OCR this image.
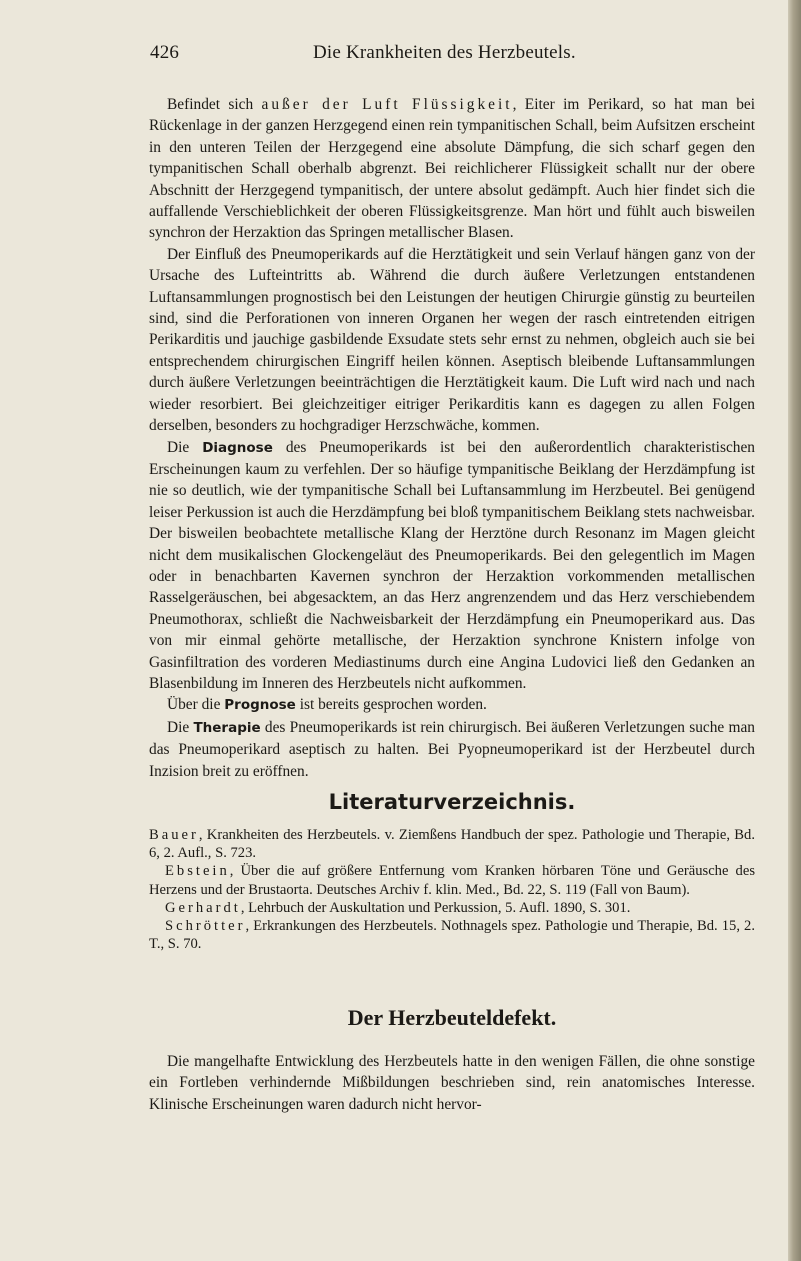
426	Die Krankheiten des Herzbeutels.

Befindet sich außer der Luft Flüssigkeit, Eiter im Perikard, so hat man bei Rückenlage in der ganzen Herzgegend einen rein tympanitischen Schall, beim Aufsitzen erscheint in den unteren Teilen der Herzgegend eine absolute Dämpfung, die sich scharf gegen den tympanitischen Schall oberhalb abgrenzt. Bei reichlicherer Flüssigkeit schallt nur der obere Abschnitt der Herzgegend tympanitisch, der untere absolut gedämpft. Auch hier findet sich die auffallende Verschieblichkeit der oberen Flüssigkeitsgrenze. Man hört und fühlt auch bisweilen synchron der Herzaktion das Springen metallischer Blasen.

Der Einfluß des Pneumoperikards auf die Herztätigkeit und sein Verlauf hängen ganz von der Ursache des Lufteintritts ab. Während die durch äußere Verletzungen entstandenen Luftansammlungen prognostisch bei den Leistungen der heutigen Chirurgie günstig zu beurteilen sind, sind die Perforationen von inneren Organen her wegen der rasch eintretenden eitrigen Perikarditis und jauchige gasbildende Exsudate stets sehr ernst zu nehmen, obgleich auch sie bei entsprechendem chirurgischen Eingriff heilen können. Aseptisch bleibende Luftansammlungen durch äußere Verletzungen beeinträchtigen die Herztätigkeit kaum. Die Luft wird nach und nach wieder resorbiert. Bei gleichzeitiger eitriger Perikarditis kann es dagegen zu allen Folgen derselben, besonders zu hochgradiger Herzschwäche, kommen.

Die Diagnose des Pneumoperikards ist bei den außerordentlich charakteristischen Erscheinungen kaum zu verfehlen. Der so häufige tympanitische Beiklang der Herzdämpfung ist nie so deutlich, wie der tympanitische Schall bei Luftansammlung im Herzbeutel. Bei genügend leiser Perkussion ist auch die Herzdämpfung bei bloß tympanitischem Beiklang stets nachweisbar. Der bisweilen beobachtete metallische Klang der Herztöne durch Resonanz im Magen gleicht nicht dem musikalischen Glockengeläut des Pneumoperikards. Bei den gelegentlich im Magen oder in benachbarten Kavernen synchron der Herzaktion vorkommenden metallischen Rasselgeräuschen, bei abgesacktem, an das Herz angrenzendem und das Herz verschiebendem Pneumothorax, schließt die Nachweisbarkeit der Herzdämpfung ein Pneumoperikard aus. Das von mir einmal gehörte metallische, der Herzaktion synchrone Knistern infolge von Gasinfiltration des vorderen Mediastinums durch eine Angina Ludovici ließ den Gedanken an Blasenbildung im Inneren des Herzbeutels nicht aufkommen.

Über die Prognose ist bereits gesprochen worden.

Die Therapie des Pneumoperikards ist rein chirurgisch. Bei äußeren Verletzungen suche man das Pneumoperikard aseptisch zu halten. Bei Pyopneumoperikard ist der Herzbeutel durch Inzision breit zu eröffnen.

Literaturverzeichnis.

Bauer, Krankheiten des Herzbeutels. v. Ziemßens Handbuch der spez. Pathologie und Therapie, Bd. 6, 2. Aufl., S. 723.

Ebstein, Über die auf größere Entfernung vom Kranken hörbaren Töne und Geräusche des Herzens und der Brustaorta. Deutsches Archiv f. klin. Med., Bd. 22, S. 119 (Fall von Baum).

Gerhardt, Lehrbuch der Auskultation und Perkussion, 5. Aufl. 1890, S. 301.

Schrötter, Erkrankungen des Herzbeutels. Nothnagels spez. Pathologie und Therapie, Bd. 15, 2. T., S. 70.

Der Herzbeuteldefekt.

Die mangelhafte Entwicklung des Herzbeutels hatte in den wenigen Fällen, die ohne sonstige ein Fortleben verhindernde Mißbildungen beschrieben sind, rein anatomisches Interesse. Klinische Erscheinungen waren dadurch nicht hervor-
